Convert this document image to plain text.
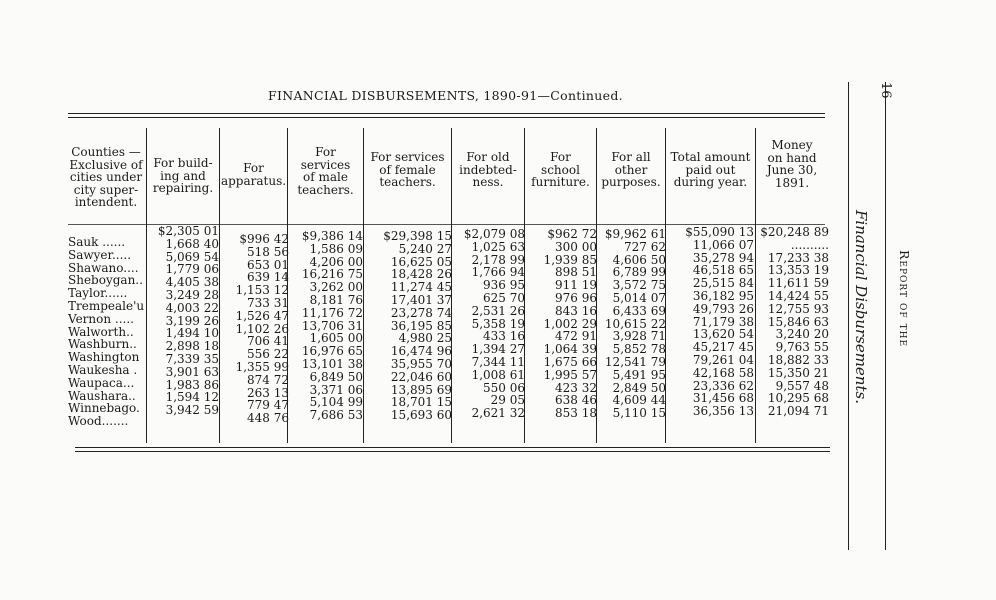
FINANCIAL DISBURSEMENTS, 1890-91—Continued.
Counties —
Exclusive of
cities under
city super-
intendent.
For build-
ing and
repairing.
For
apparatus.
For
services
of male
teachers.
For services
of female
teachers.
For old
indebted-
ness.
For
school
furniture.
For all
other
purposes.
Total amount
paid out
during year.
Money
on hand
June 30,
1891.
Sauk ......
Sawyer.....
Shawano....
Sheboygan..
Taylor......
Trempeale'u
Vernon .....
Walworth..
Washburn..
Washington
Waukesha .
Waupaca...
Waushara..
Winnebago.
Wood.......
$2,305 01
1,668 40
5,069 54
1,779 06
4,405 38
3,249 28
4,003 22
3,199 26
1,494 10
2,898 18
7,339 35
3,901 63
1,983 86
1,594 12
3,942 59
$996 42
518 56
653 01
639 14
1,153 12
733 31
1,526 47
1,102 26
706 41
556 22
1,355 99
874 72
263 13
779 47
448 76
$9,386 14
1,586 09
4,206 00
16,216 75
3,262 00
8,181 76
11,176 72
13,706 31
1,605 00
16,976 65
13,101 38
6,849 50
3,371 06
5,104 99
7,686 53
$29,398 15
5,240 27
16,625 05
18,428 26
11,274 45
17,401 37
23,278 74
36,195 85
4,980 25
16,474 96
35,955 70
22,046 60
13,895 69
18,701 15
15,693 60
$2,079 08
1,025 63
2,178 99
1,766 94
936 95
625 70
2,531 26
5,358 19
433 16
1,394 27
7,344 11
1,008 61
550 06
29 05
2,621 32
$962 72
300 00
1,939 85
898 51
911 19
976 96
843 16
1,002 29
472 91
1,064 39
1,675 66
1,995 57
423 32
638 46
853 18
$9,962 61
727 62
4,606 50
6,789 99
3,572 75
5,014 07
6,433 69
10,615 22
3,928 71
5,852 78
12,541 79
5,491 95
2,849 50
4,609 44
5,110 15
$55,090 13
11,066 07
35,278 94
46,518 65
25,515 84
36,182 95
49,793 26
71,179 38
13,620 54
45,217 45
79,261 04
42,168 58
23,336 62
31,456 68
36,356 13
$20,248 89
..........
17,233 38
13,353 19
11,611 59
14,424 55
12,755 93
15,846 63
3,240 20
9,763 55
18,882 33
15,350 21
9,557 48
10,295 68
21,094 71
16
Report of the
Financial Disbursements.
